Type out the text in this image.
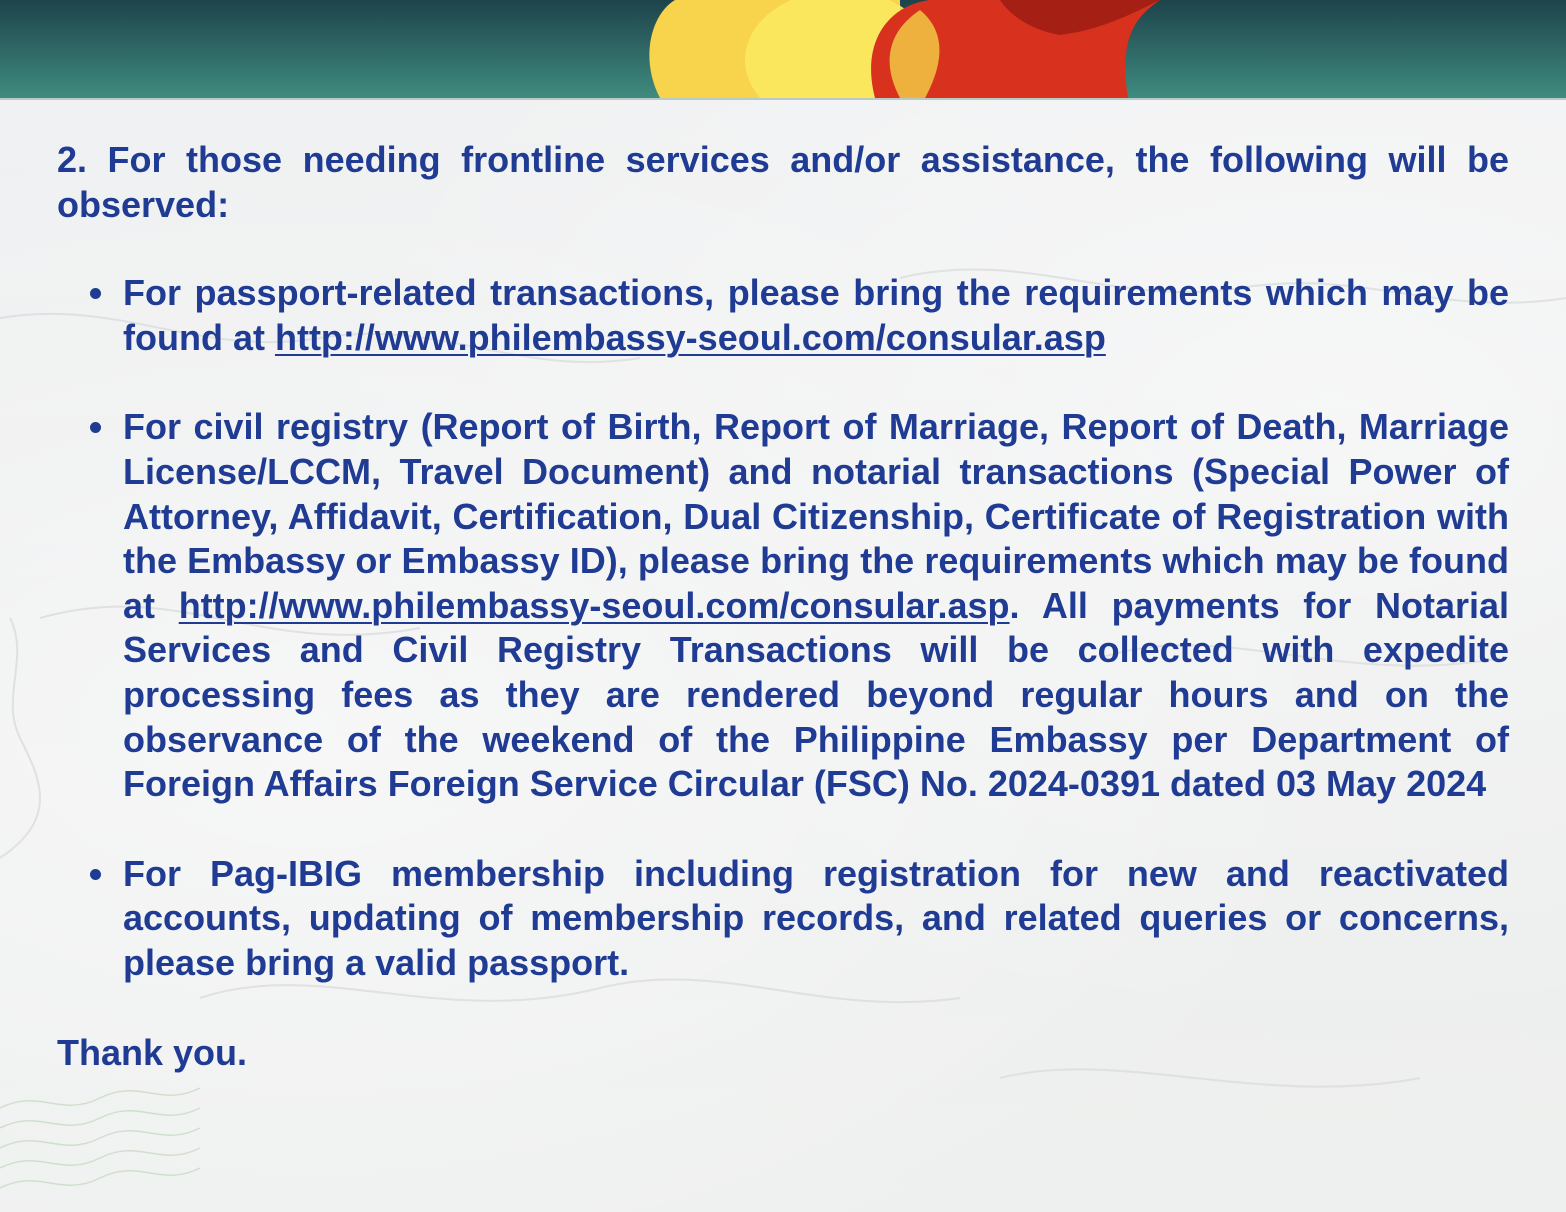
2. For those needing frontline services and/or assistance, the following will be observed:

For passport-related transactions, please bring the requirements which may be found at http://www.philembassy-seoul.com/consular.asp
For civil registry (Report of Birth, Report of Marriage, Report of Death, Marriage License/LCCM, Travel Document) and notarial transactions (Special Power of Attorney, Affidavit, Certification, Dual Citizenship, Certificate of Registration with the Embassy or Embassy ID), please bring the requirements which may be found at http://www.philembassy-seoul.com/consular.asp. All payments for Notarial Services and Civil Registry Transactions will be collected with expedite processing fees as they are rendered beyond regular hours and on the observance of the weekend of the Philippine Embassy per Department of Foreign Affairs Foreign Service Circular (FSC) No. 2024-0391 dated 03 May 2024
For Pag-IBIG membership including registration for new and reactivated accounts, updating of membership records, and related queries or concerns, please bring a valid passport.

Thank you.
